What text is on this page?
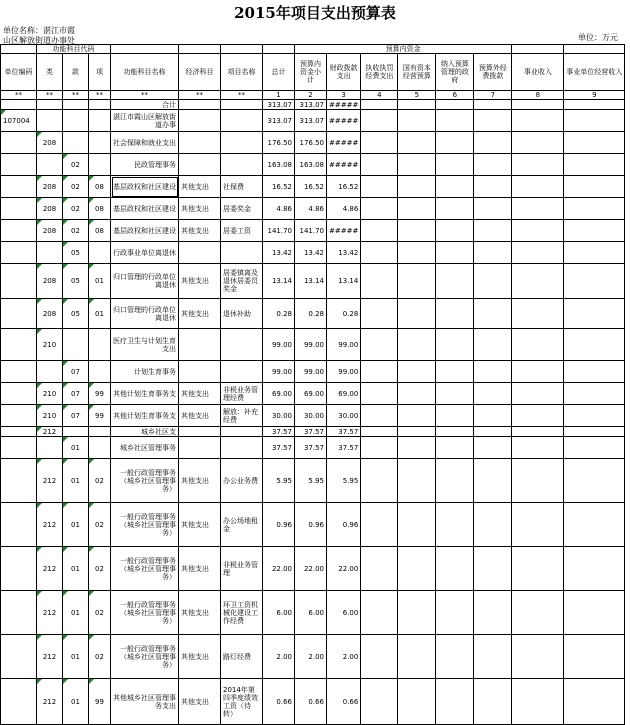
2015年项目支出预算表
单位名称：湛江市霞
山区解放街道办事处	单位：万元
	功能科目代码							预算内资金							
单位编码	类	款	项	功能科目名称	经济科目	项目名称	总计	预算内资金小计	财政拨款支出	执收执罚经费支出	国有资本经营预算	纳入预算管理的政府	预算外经费拨款	事业收入	事业单位经营收入
**	**	**	**	**	**	**	1	2	3	4	5	6	7	8	9
				合计			313.07	313.07	#####						
107004				湛江市霞山区解放街道办事			313.07	313.07	#####						
	208			社会保障和就业支出			176.50	176.50	#####						
		02		民政管理事务			163.08	163.08	#####						
	208	02	08	基层政权和社区建设	其他支出	社保费	16.52	16.52	16.52						
	208	02	08	基层政权和社区建设	其他支出	居委奖金	4.86	4.86	4.86						
	208	02	08	基层政权和社区建设	其他支出	居委工资	141.70	141.70	#####						
		05		行政事业单位离退休			13.42	13.42	13.42						
	208	05	01	归口管理的行政单位离退休	其他支出	居委镇离及退休居委员奖金	13.14	13.14	13.14						
	208	05	01	归口管理的行政单位离退休	其他支出	退休补助	0.28	0.28	0.28						
	210			医疗卫生与计划生育支出			99.00	99.00	99.00						
		07		计划生育事务			99.00	99.00	99.00						
	210	07	99	其他计划生育事务支	其他支出	非税业务管理经费	69.00	69.00	69.00						
	210	07	99	其他计划生育事务支	其他支出	解放：补充经费	30.00	30.00	30.00						
	212			城乡社区支			37.57	37.57	37.57						
		01		城乡社区管理事务			37.57	37.57	37.57						
	212	01	02	一般行政管理事务（城乡社区管理事务）	其他支出	办公业务费	5.95	5.95	5.95						
	212	01	02	一般行政管理事务（城乡社区管理事务）	其他支出	办公场地租金	0.96	0.96	0.96						
	212	01	02	一般行政管理事务（城乡社区管理事务）	其他支出	非税业务管理	22.00	22.00	22.00						
	212	01	02	一般行政管理事务（城乡社区管理事务）	其他支出	环卫工资机械化建设工作经费	6.00	6.00	6.00						
	212	01	02	一般行政管理事务（城乡社区管理事务）	其他支出	路灯经费	2.00	2.00	2.00						
	212	01	99	其他城乡社区管理事务支出	其他支出	2014年第四季度绩效工资（待转）	0.66	0.66	0.66						
